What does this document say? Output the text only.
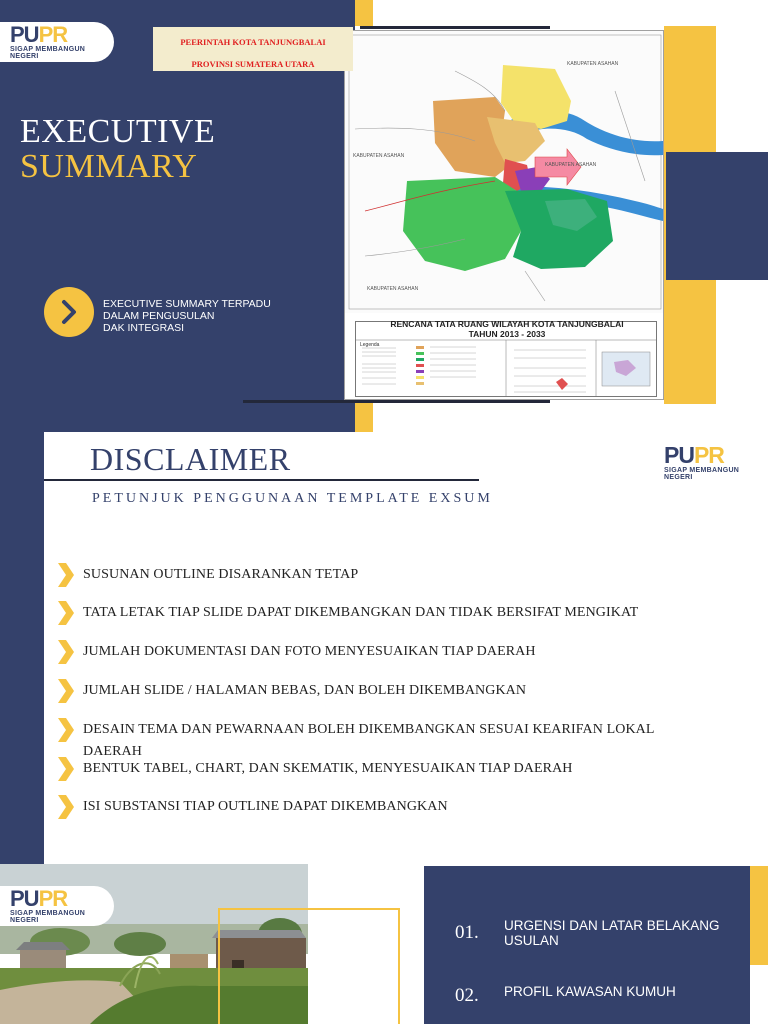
PUPR
SIGAP MEMBANGUN NEGERI
EXECUTIVE
SUMMARY
EXECUTIVE SUMMARY TERPADU
DALAM PENGUSULAN
DAK INTEGRASI
KABUPATEN ASAHAN
KABUPATEN ASAHAN
KABUPATEN ASAHAN
KABUPATEN ASAHAN
Legenda
RENCANA TATA RUANG WILAYAH KOTA TANJUNGBALAI
TAHUN 2013 - 2033
PEERINTAH KOTA TANJUNGBALAI
PROVINSI SUMATERA UTARA
DISCLAIMER
PETUNJUK PENGGUNAAN TEMPLATE EXSUM
PUPR
SIGAP MEMBANGUN NEGERI
SUSUNAN OUTLINE DISARANKAN TETAP
TATA LETAK TIAP SLIDE DAPAT DIKEMBANGKAN DAN TIDAK BERSIFAT MENGIKAT
JUMLAH DOKUMENTASI DAN FOTO MENYESUAIKAN TIAP DAERAH
JUMLAH SLIDE / HALAMAN BEBAS, DAN BOLEH DIKEMBANGKAN
DESAIN TEMA DAN PEWARNAAN BOLEH DIKEMBANGKAN SESUAI KEARIFAN LOKAL DAERAH
BENTUK TABEL, CHART, DAN SKEMATIK, MENYESUAIKAN TIAP DAERAH
ISI SUBSTANSI TIAP OUTLINE DAPAT DIKEMBANGKAN
PUPR
SIGAP MEMBANGUN NEGERI
01. URGENSI DAN LATAR BELAKANG USULAN
02. PROFIL KAWASAN KUMUH
